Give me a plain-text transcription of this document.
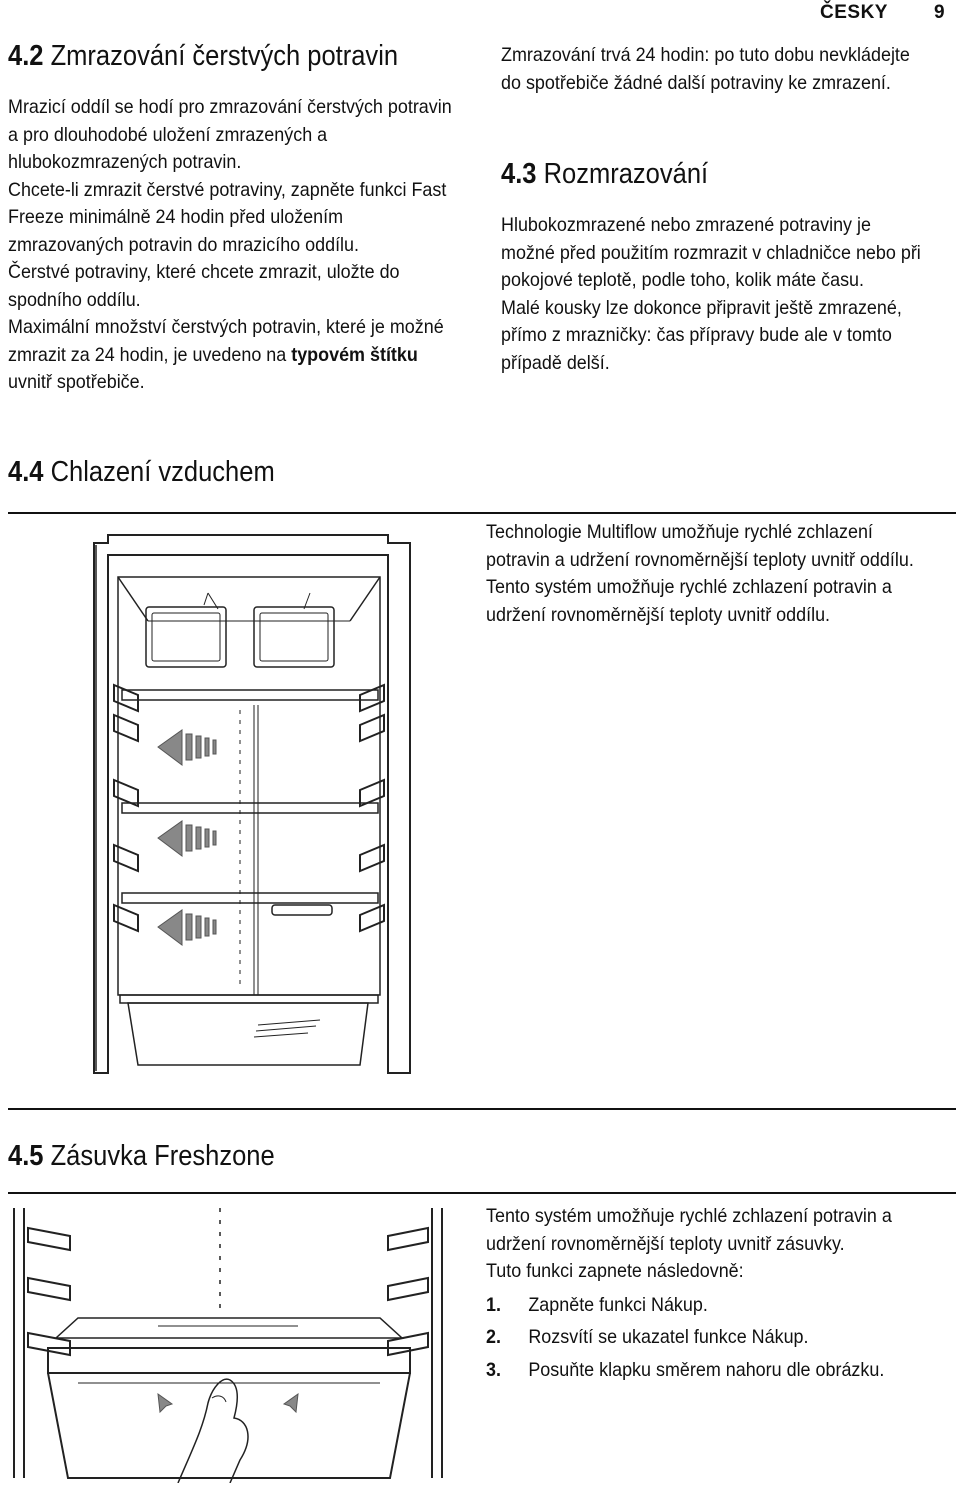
ČESKY 9
4.2 Zmrazování čerstvých potravin

Mrazicí oddíl se hodí pro zmrazování čerstvých potravin a pro dlouhodobé uložení zmrazených a hlubokozmrazených potravin.

Chcete-li zmrazit čerstvé potraviny, zapněte funkci Fast Freeze minimálně 24 hodin před uložením zmrazovaných potravin do mrazicího oddílu.

Čerstvé potraviny, které chcete zmrazit, uložte do spodního oddílu.

Maximální množství čerstvých potravin, které je možné zmrazit za 24 hodin, je uvedeno na typovém štítku uvnitř spotřebiče.

Zmrazování trvá 24 hodin: po tuto dobu nevkládejte do spotřebiče žádné další potraviny ke zmrazení.

4.3 Rozmrazování

Hlubokozmrazené nebo zmrazené potraviny je možné před použitím rozmrazit v chladničce nebo při pokojové teplotě, podle toho, kolik máte času.

Malé kousky lze dokonce připravit ještě zmrazené, přímo z mrazničky: čas přípravy bude ale v tomto případě delší.

4.4 Chlazení vzduchem

Technologie Multiflow umožňuje rychlé zchlazení potravin a udržení rovnoměrnější teploty uvnitř oddílu.

Tento systém umožňuje rychlé zchlazení potravin a udržení rovnoměrnější teploty uvnitř oddílu.

4.5 Zásuvka Freshzone

Tento systém umožňuje rychlé zchlazení potravin a udržení rovnoměrnější teploty uvnitř zásuvky.

Tuto funkci zapnete následovně:

1. Zapněte funkci Nákup.
2. Rozsvítí se ukazatel funkce Nákup.
3. Posuňte klapku směrem nahoru dle obrázku.
